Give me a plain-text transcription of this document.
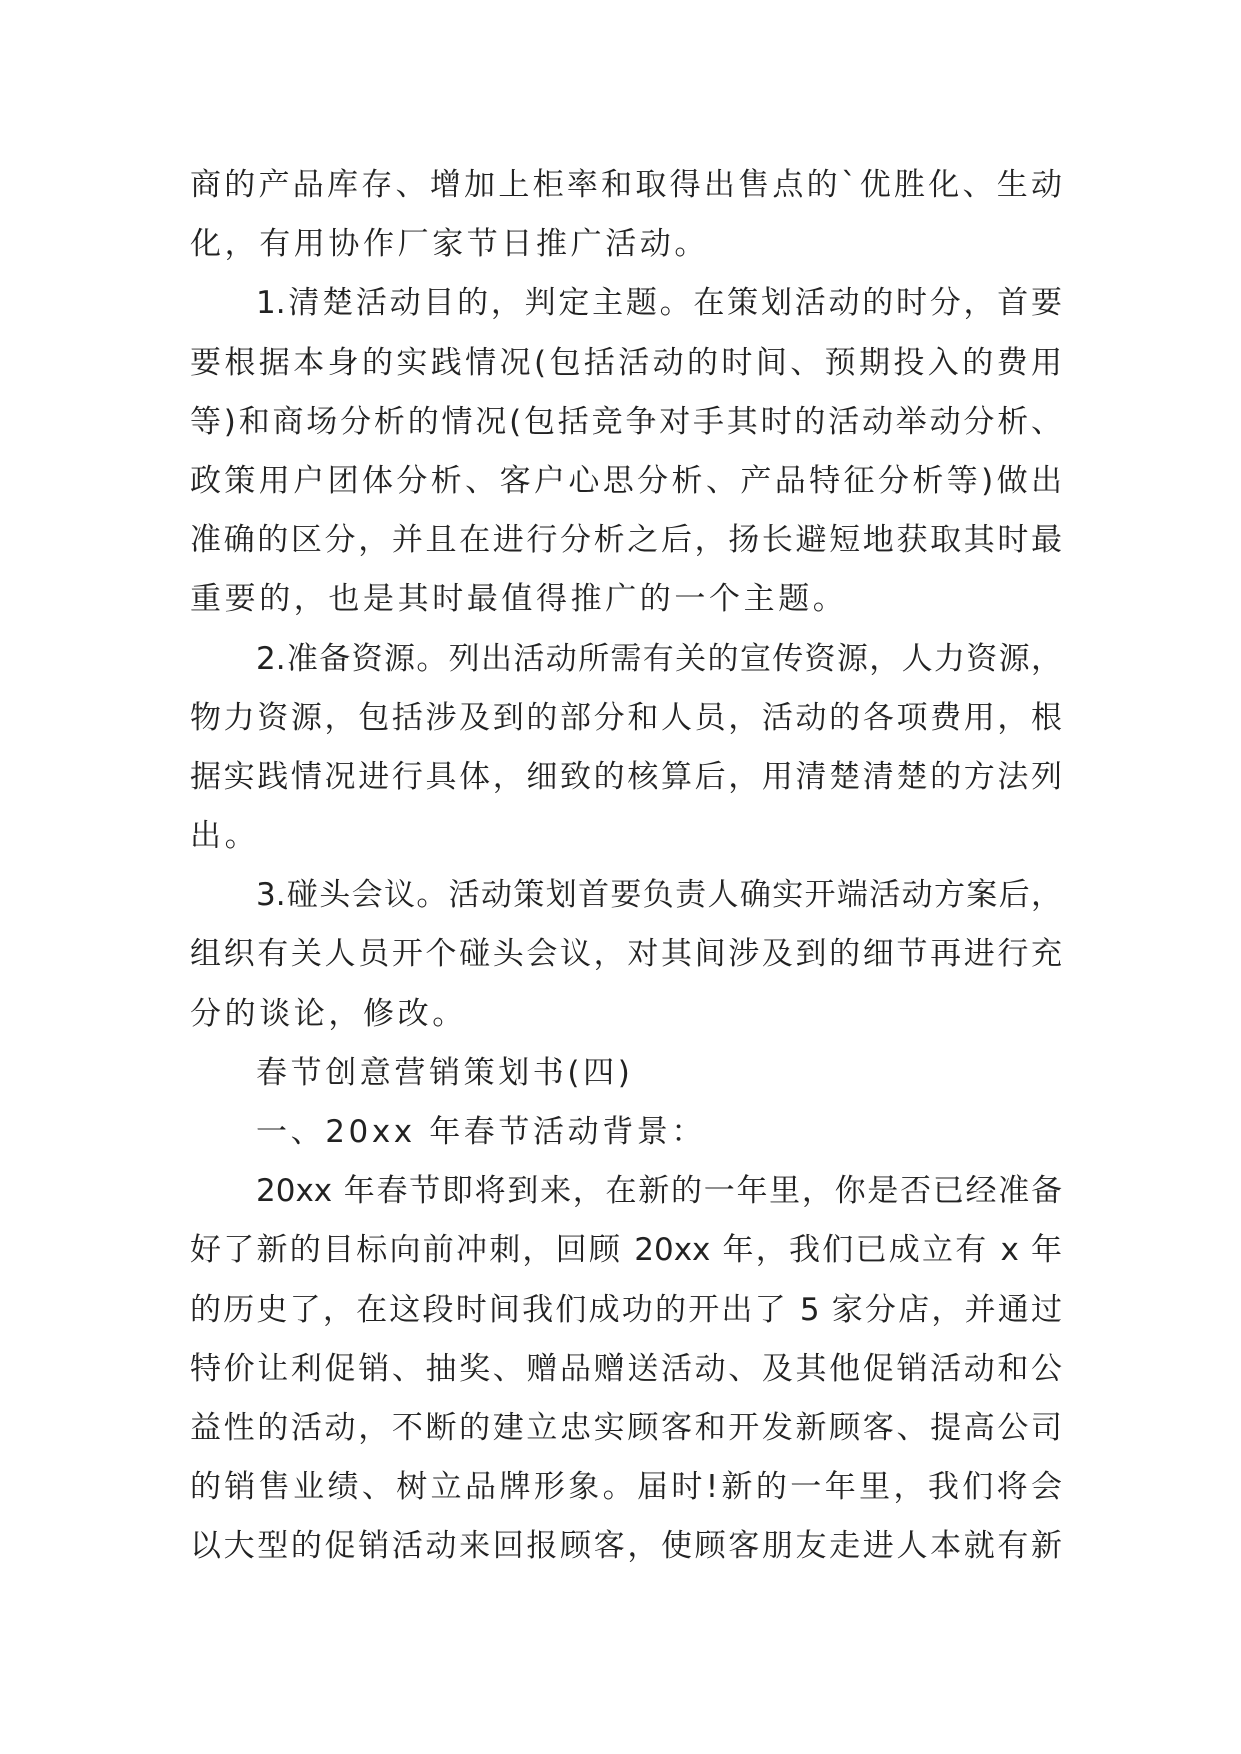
商的产品库存、增加上柜率和取得出售点的`优胜化、生动
化，有用协作厂家节日推广活动。
1.清楚活动目的，判定主题。在策划活动的时分，首要
要根据本身的实践情况(包括活动的时间、预期投入的费用
等)和商场分析的情况(包括竞争对手其时的活动举动分析、
政策用户团体分析、客户心思分析、产品特征分析等)做出
准确的区分，并且在进行分析之后，扬长避短地获取其时最
重要的，也是其时最值得推广的一个主题。
2.准备资源。列出活动所需有关的宣传资源，人力资源，
物力资源，包括涉及到的部分和人员，活动的各项费用，根
据实践情况进行具体，细致的核算后，用清楚清楚的方法列
出。
3.碰头会议。活动策划首要负责人确实开端活动方案后，
组织有关人员开个碰头会议，对其间涉及到的细节再进行充
分的谈论，修改。
春节创意营销策划书(四)
一、20xx 年春节活动背景：
20xx 年春节即将到来，在新的一年里，你是否已经准备
好了新的目标向前冲刺，回顾 20xx 年，我们已成立有 x 年
的历史了，在这段时间我们成功的开出了 5 家分店，并通过
特价让利促销、抽奖、赠品赠送活动、及其他促销活动和公
益性的活动，不断的建立忠实顾客和开发新顾客、提高公司
的销售业绩、树立品牌形象。届时!新的一年里，我们将会
以大型的促销活动来回报顾客，使顾客朋友走进人本就有新
